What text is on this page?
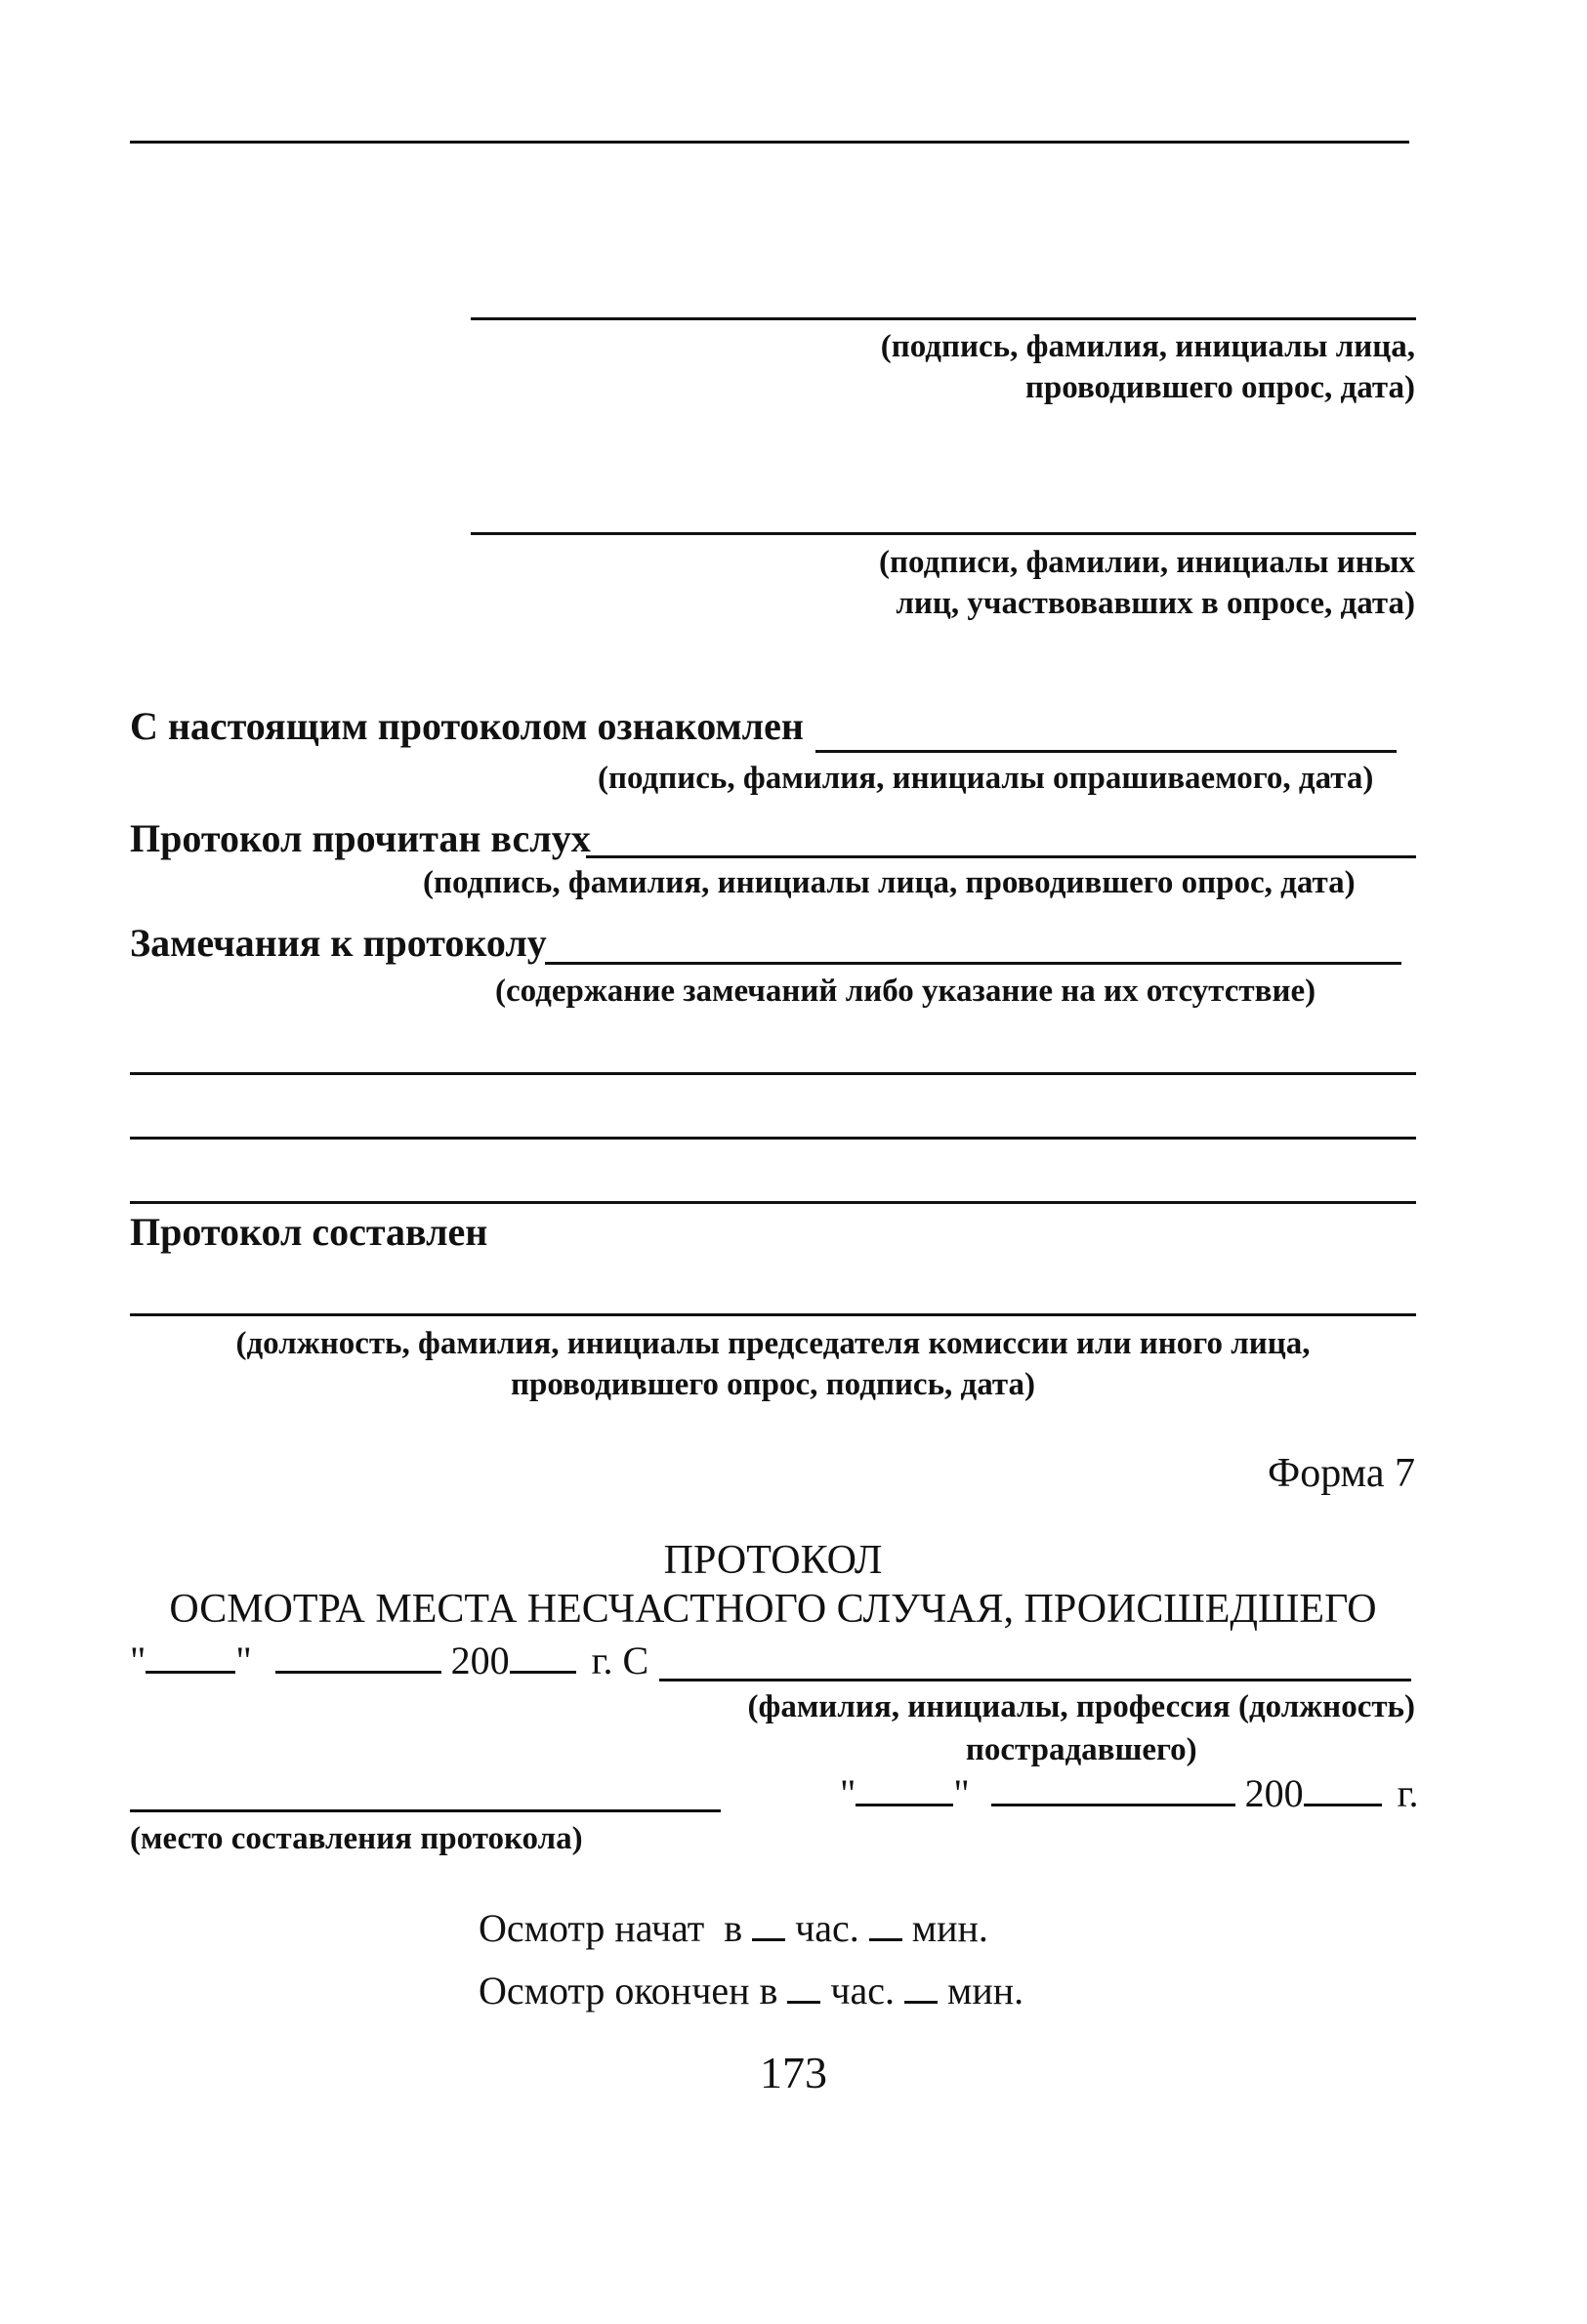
(подпись, фамилия, инициалы лица,
проводившего опрос, дата)
(подписи, фамилии, инициалы иных
лиц, участвовавших в опросе, дата)
С настоящим протоколом ознакомлен
(подпись, фамилия, инициалы опрашиваемого, дата)
Протокол прочитан вслух
(подпись, фамилия, инициалы лица, проводившего опрос, дата)
Замечания к протоколу
(содержание замечаний либо указание на их отсутствие)
Протокол составлен
(должность, фамилия, инициалы председателя комиссии или иного лица,
проводившего опрос, подпись, дата)
Форма 7
ПРОТОКОЛ
ОСМОТРА МЕСТА НЕСЧАСТНОГО СЛУЧАЯ, ПРОИСШЕДШЕГО
" "	200 г. С
(фамилия, инициалы, профессия (должность)
пострадавшего)
"	"	200 г.
(место составления протокола)
Осмотр начат в час. мин.
Осмотр окончен в час. мин.
173
